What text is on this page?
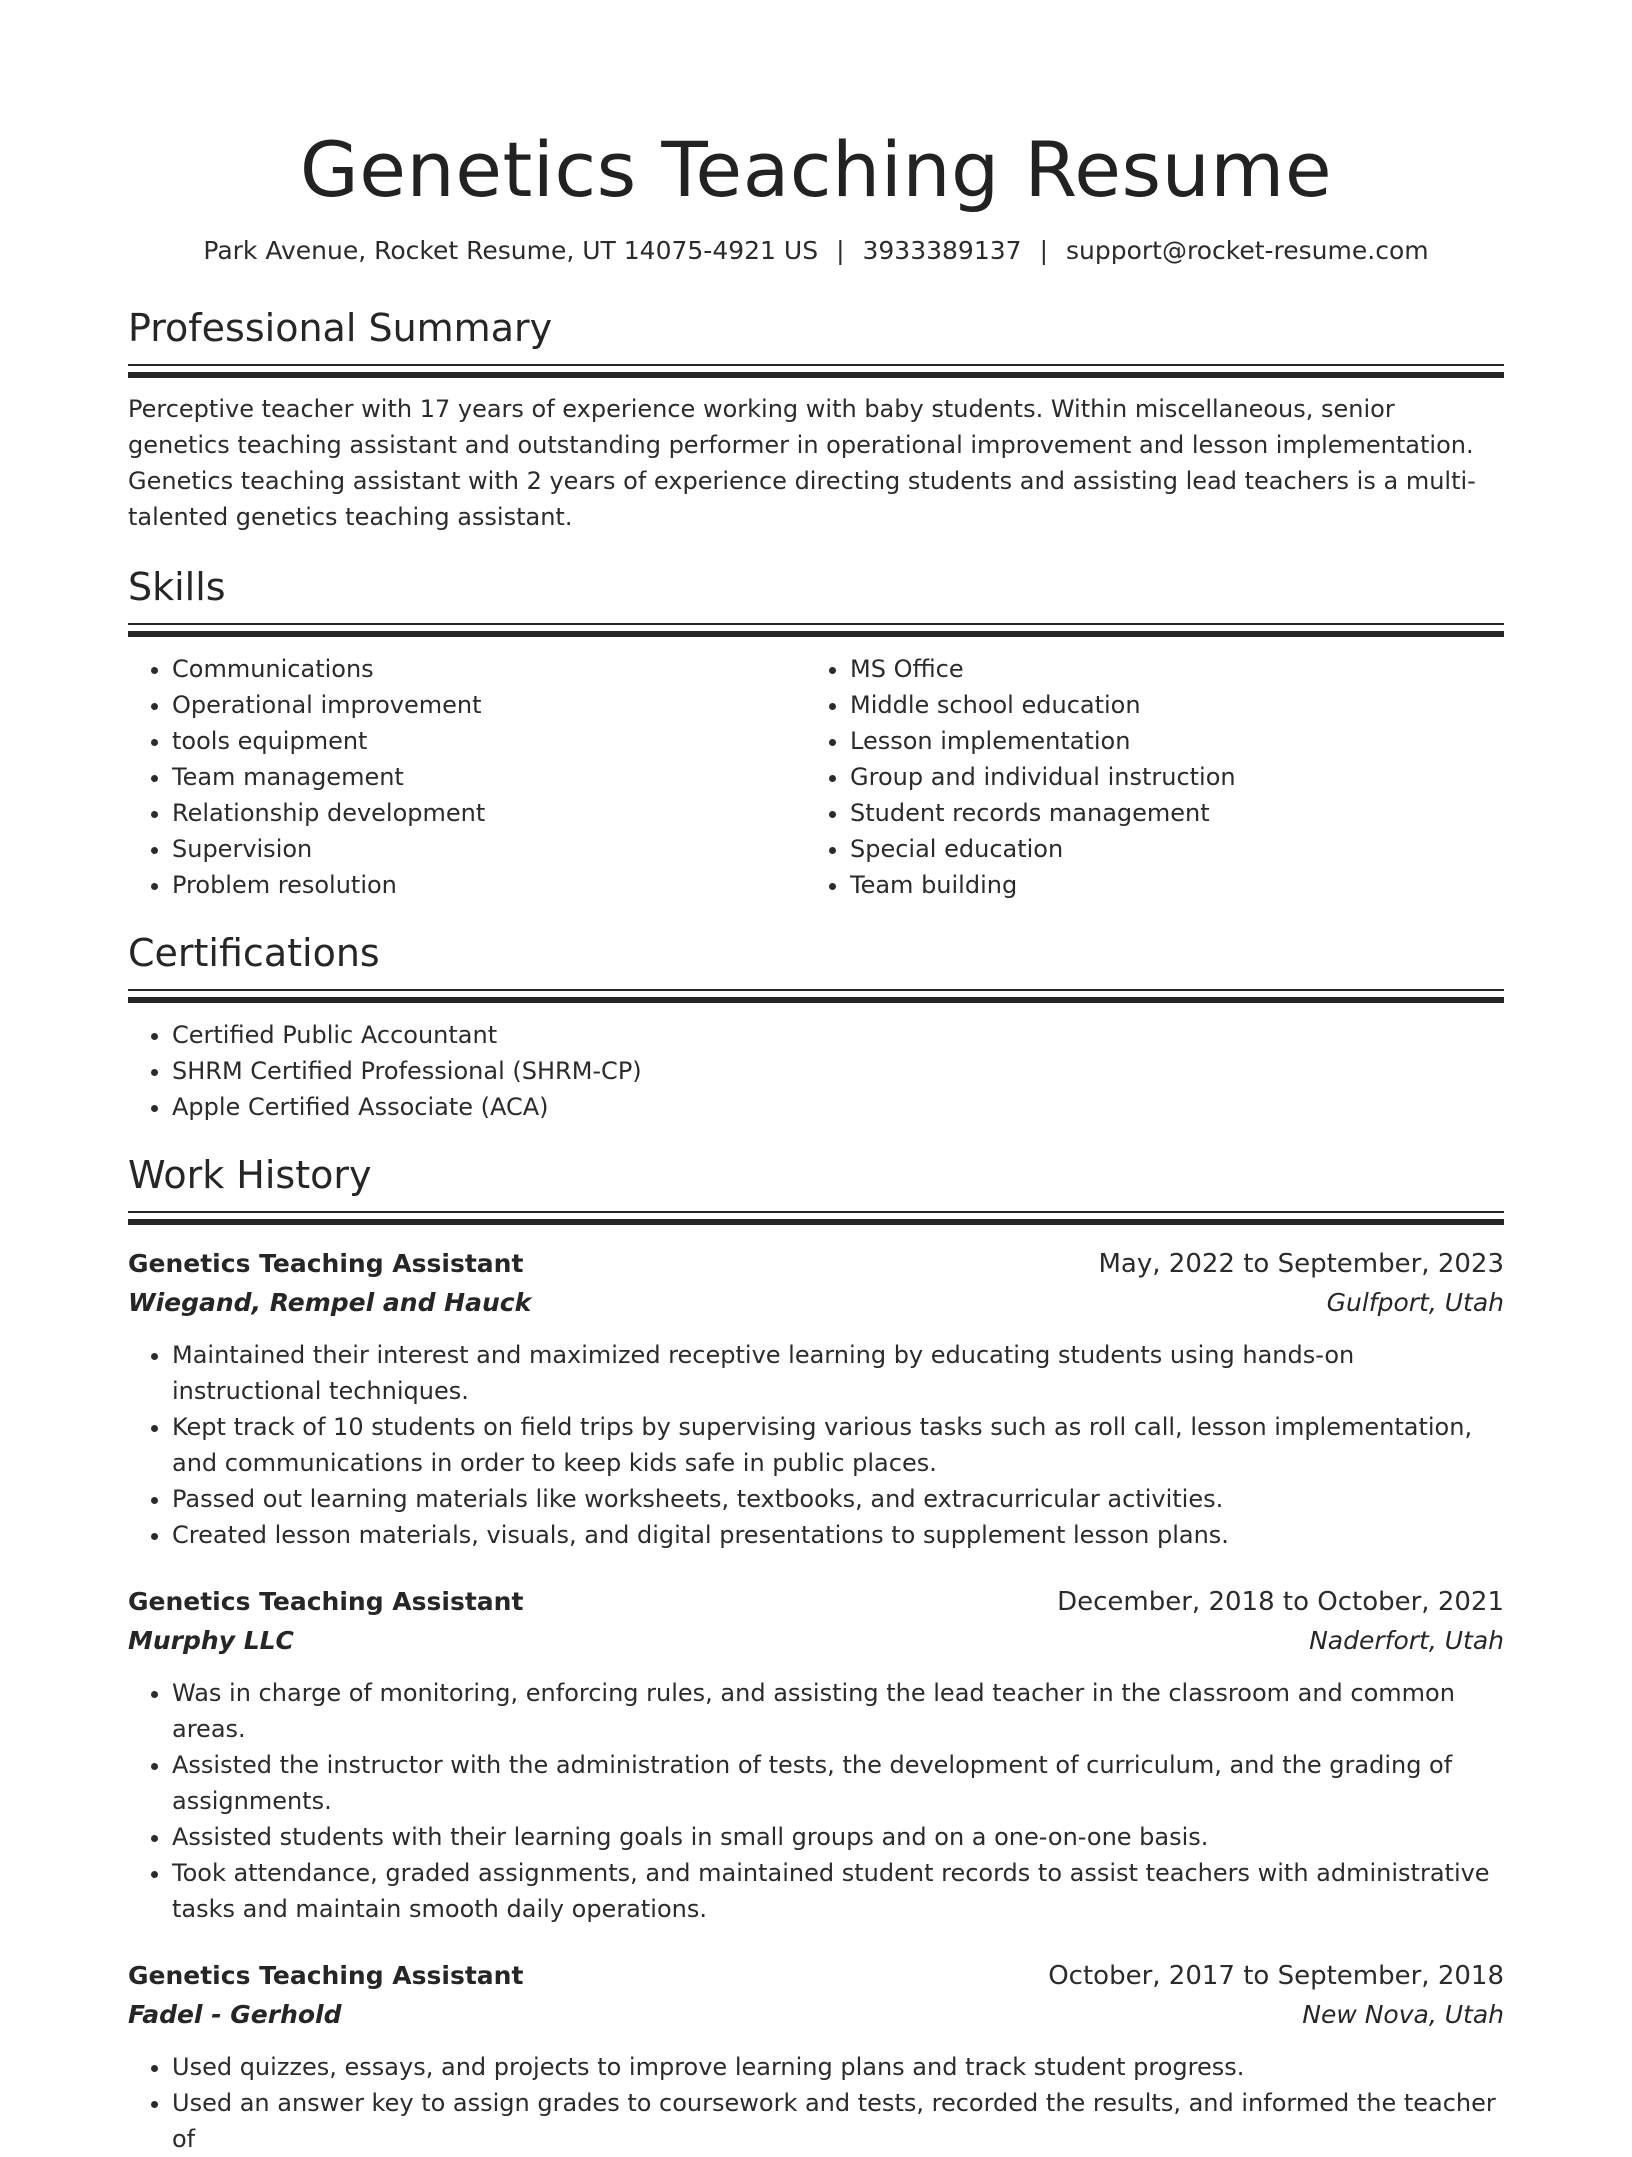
Genetics Teaching Resume
Park Avenue, Rocket Resume, UT 14075-4921 US | 3933389137 | support@rocket-resume.com
Professional Summary

Perceptive teacher with 17 years of experience working with baby students. Within miscellaneous, senior genetics teaching assistant and outstanding performer in operational improvement and lesson implementation. Genetics teaching assistant with 2 years of experience directing students and assisting lead teachers is a multi-talented genetics teaching assistant.

Skills
• Communications
• Operational improvement
• tools equipment
• Team management
• Relationship development
• Supervision
• Problem resolution
• MS Office
• Middle school education
• Lesson implementation
• Group and individual instruction
• Student records management
• Special education
• Team building
Certifications
• Certified Public Accountant
• SHRM Certified Professional (SHRM-CP)
• Apple Certified Associate (ACA)
Work History
Genetics Teaching Assistant	May, 2022 to September, 2023
Wiegand, Rempel and Hauck	Gulfport, Utah
• Maintained their interest and maximized receptive learning by educating students using hands-on instructional techniques.
• Kept track of 10 students on field trips by supervising various tasks such as roll call, lesson implementation, and communications in order to keep kids safe in public places.
• Passed out learning materials like worksheets, textbooks, and extracurricular activities.
• Created lesson materials, visuals, and digital presentations to supplement lesson plans.
Genetics Teaching Assistant	December, 2018 to October, 2021
Murphy LLC	Naderfort, Utah
• Was in charge of monitoring, enforcing rules, and assisting the lead teacher in the classroom and common areas.
• Assisted the instructor with the administration of tests, the development of curriculum, and the grading of assignments.
• Assisted students with their learning goals in small groups and on a one-on-one basis.
• Took attendance, graded assignments, and maintained student records to assist teachers with administrative tasks and maintain smooth daily operations.
Genetics Teaching Assistant	October, 2017 to September, 2018
Fadel - Gerhold	New Nova, Utah
• Used quizzes, essays, and projects to improve learning plans and track student progress.
• Used an answer key to assign grades to coursework and tests, recorded the results, and informed the teacher of
